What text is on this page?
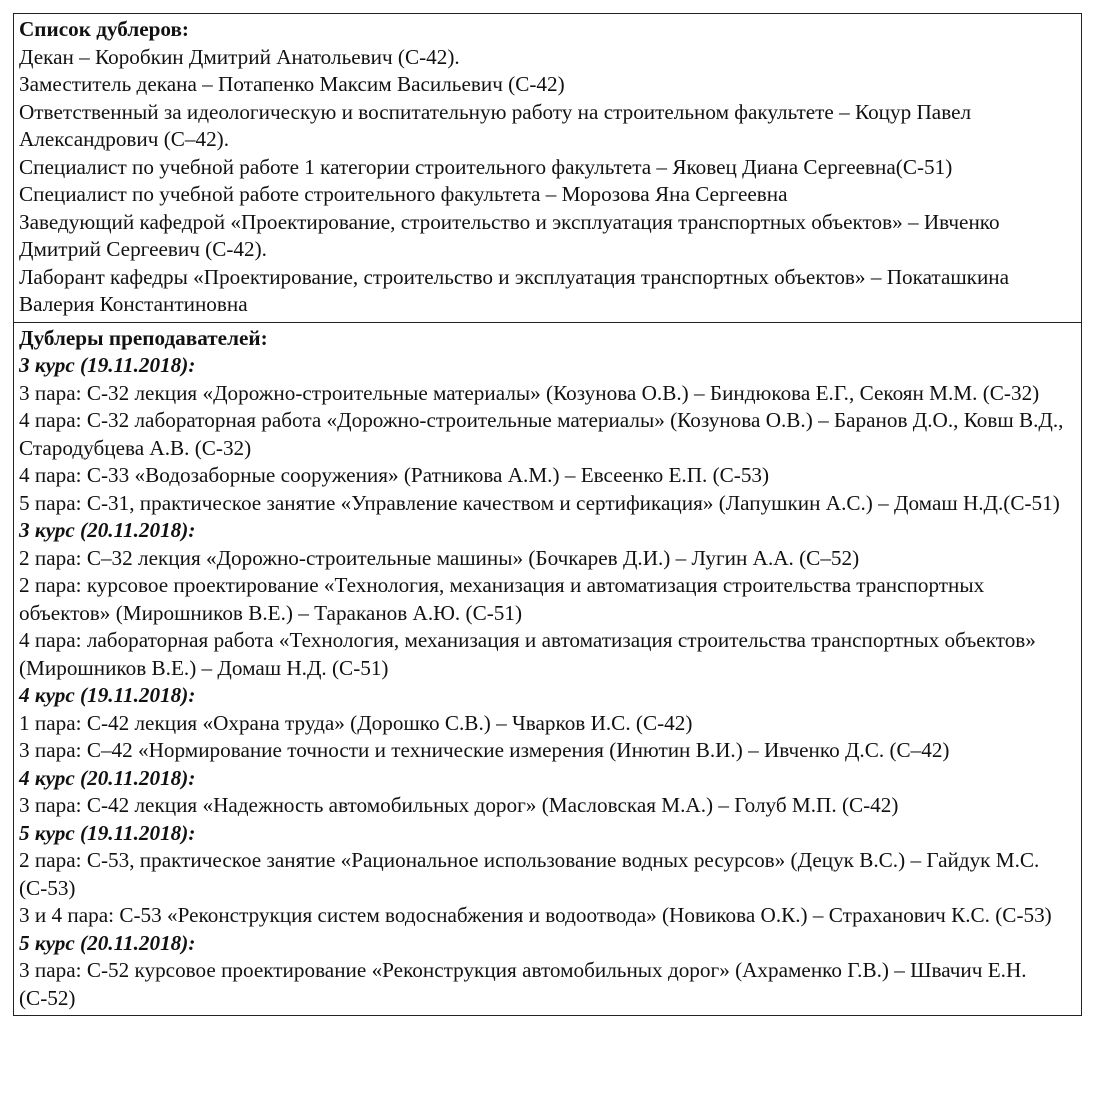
Список дублеров:
Декан – Коробкин Дмитрий Анатольевич (С-42).
Заместитель декана – Потапенко Максим Васильевич (С-42)
Ответственный за идеологическую и воспитательную работу на строительном факультете – Коцур Павел Александрович (С–42).
Специалист по учебной работе 1 категории строительного факультета – Яковец Диана Сергеевна(С-51)
Специалист по учебной работе строительного факультета – Морозова Яна Сергеевна
Заведующий кафедрой «Проектирование, строительство и эксплуатация транспортных объектов» – Ивченко Дмитрий Сергеевич (С-42).
Лаборант кафедры «Проектирование, строительство и эксплуатация транспортных объектов» – Покаташкина Валерия Константиновна
Дублеры преподавателей:
3 курс (19.11.2018):
3 пара: С-32 лекция «Дорожно-строительные материалы» (Козунова О.В.) – Биндюкова Е.Г., Секоян М.М. (С-32)
4 пара: С-32 лабораторная работа «Дорожно-строительные материалы» (Козунова О.В.) – Баранов Д.О., Ковш В.Д., Стародубцева А.В. (С-32)
4 пара: С-33 «Водозаборные сооружения» (Ратникова А.М.) – Евсеенко Е.П. (С-53)
5 пара: С-31, практическое занятие «Управление качеством и сертификация» (Лапушкин А.С.) – Домаш Н.Д.(С-51)
3 курс (20.11.2018):
2 пара: С–32 лекция «Дорожно-строительные машины» (Бочкарев Д.И.) – Лугин А.А. (С–52)
2 пара: курсовое проектирование «Технология, механизация и автоматизация строительства транспортных объектов» (Мирошников В.Е.) – Тараканов А.Ю. (С-51)
4 пара: лабораторная работа «Технология, механизация и автоматизация строительства транспортных объектов» (Мирошников В.Е.) – Домаш Н.Д. (С-51)
4 курс (19.11.2018):
1 пара: С-42 лекция «Охрана труда» (Дорошко С.В.) – Чварков И.С. (С-42)
3 пара: С–42 «Нормирование точности и технические измерения (Инютин В.И.) – Ивченко Д.С. (С–42)
4 курс (20.11.2018):
3 пара: С-42 лекция «Надежность автомобильных дорог» (Масловская М.А.) – Голуб М.П. (С-42)
5 курс (19.11.2018):
2 пара: С-53, практическое занятие «Рациональное использование водных ресурсов» (Децук В.С.) – Гайдук М.С. (С-53)
3 и 4 пара: С-53 «Реконструкция систем водоснабжения и водоотвода» (Новикова О.К.) – Страханович К.С. (С-53)
5 курс (20.11.2018):
3 пара: С-52 курсовое проектирование «Реконструкция автомобильных дорог» (Ахраменко Г.В.) – Швачич Е.Н. (С-52)
